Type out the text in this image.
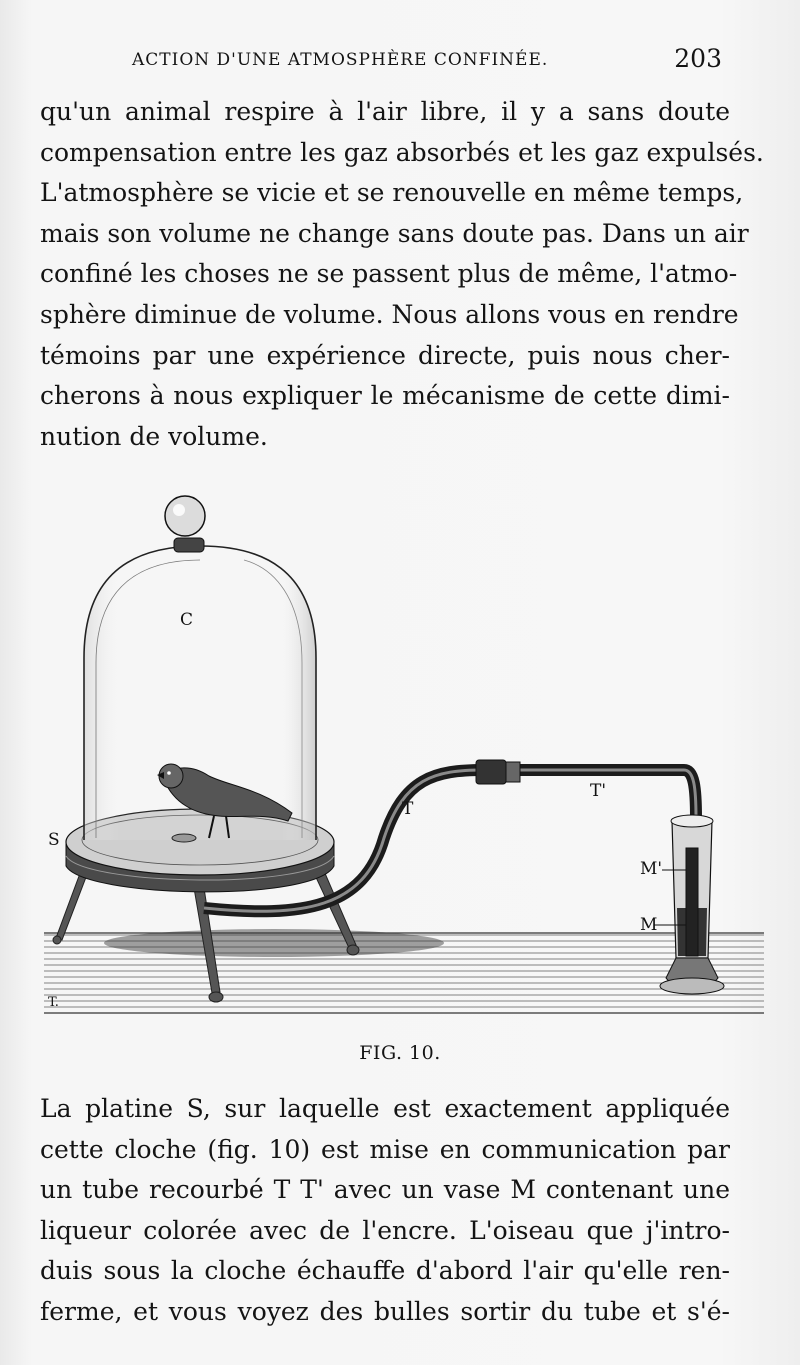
ACTION D'UNE ATMOSPHÈRE CONFINÉE.	203
qu'un animal respire à l'air libre, il y a sans doute
compensation entre les gaz absorbés et les gaz expulsés.
L'atmosphère se vicie et se renouvelle en même temps,
mais son volume ne change sans doute pas. Dans un air
confiné les choses ne se passent plus de même, l'atmo-
sphère diminue de volume. Nous allons vous en rendre
témoins par une expérience directe, puis nous cher-
cherons à nous expliquer le mécanisme de cette dimi-
nution de volume.
C
S
T
T'
M'
M
T.
FIG. 10.
La platine S, sur laquelle est exactement appliquée
cette cloche (fig. 10) est mise en communication par
un tube recourbé T T' avec un vase M contenant une
liqueur colorée avec de l'encre. L'oiseau que j'intro-
duis sous la cloche échauffe d'abord l'air qu'elle ren-
ferme, et vous voyez des bulles sortir du tube et s'é-
